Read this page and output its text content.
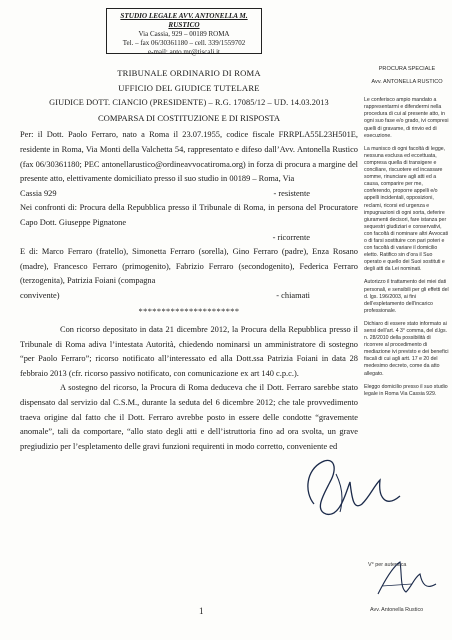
STUDIO LEGALE AVV. ANTONELLA M. RUSTICO
Via Cassia, 929 – 00189 ROMA
Tel. – fax 06/30361180 – cell. 339/1559702
e-mail: anto.mr@tiscali.it
TRIBUNALE ORDINARIO DI ROMA
UFFICIO DEL GIUDICE TUTELARE
GIUDICE DOTT. CIANCIO (PRESIDENTE) – R.G. 17085/12 – UD. 14.03.2013
COMPARSA DI COSTITUZIONE E DI RISPOSTA
Per: il Dott. Paolo Ferraro, nato a Roma il 23.07.1955, codice fiscale FRRPLA55L23H501E, residente in Roma, Via Monti della Valchetta 54, rappresentato e difeso dall’Avv. Antonella Rustico (fax 06/30361180; PEC antonellarustico@ordineavvocatiroma.org) in forza di procura a margine del presente atto, elettivamente domiciliato presso il suo studio in 00189 – Roma, Via
Cassia 929	- resistente
Nei confronti di: Procura della Repubblica presso il Tribunale di Roma, in persona del Procuratore Capo Dott. Giuseppe Pignatone
- ricorrente
E di: Marco Ferraro (fratello), Simonetta Ferraro (sorella), Gino Ferraro (padre), Enza Rosano (madre), Francesco Ferraro (primogenito), Fabrizio Ferraro (secondogenito), Federica Ferraro (terzogenita), Patrizia Foiani (compagna
convivente)	- chiamati
**********************
Con ricorso depositato in data 21 dicembre 2012, la Procura della Repubblica presso il Tribunale di Roma adiva l’intestata Autorità, chiedendo nominarsi un amministratore di sostegno “per Paolo Ferraro”; ricorso notificato all’interessato ed alla Dott.ssa Patrizia Foiani in data 28 febbraio 2013 (cfr. ricorso passivo notificato, con comunicazione ex art 140 c.p.c.).
A sostegno del ricorso, la Procura di Roma deduceva che il Dott. Ferraro sarebbe stato dispensato dal servizio dal C.S.M., durante la seduta del 6 dicembre 2012; che tale provvedimento traeva origine dal fatto che il Dott. Ferraro avrebbe posto in essere delle condotte “gravemente anomale”, tali da comportare, “allo stato degli atti e dell’istruttoria fino ad ora svolta, un grave pregiudizio per l’espletamento delle gravi funzioni requirenti in modo corretto, conveniente ed
1
PROCURA SPECIALE
Avv. ANTONELLA RUSTICO

Le conferisco ampio mandato a rappresentarmi e difendermi nella procedura di cui al presente atto, in ogni suo fase e/o grado, ivi compresi quelli di gravame, di rinvio ed di esecuzione.

La munisco di ogni facoltà di legge, nessuna esclusa ed eccettuata, compresa quella di transigere e conciliare, riscuotere ed incassare somme, rinunciare agli atti ed a causa, comparire per me, conferendo, proporre appelli e/o appelli incidentali, opposizioni, reclami, ricorsi ed urgenza e impugnazioni di ogni sorta, deferire giuramenti decisori, fare istanza per sequestri giudiziari e conservativi, con facoltà di nominare altri Avvocati o di farsi sostituire con pari poteri e con facoltà di variare il domicilio eletto. Ratifico sin d’ora il Suo operato e quello dei Suoi sostituti e degli atti da Lei nominati.

Autorizzo il trattamento dei miei dati personali, e sensibili per gli effetti del d. lgs. 196/2003, ai fini dell’espletamento dell’incarico professionale.

Dichiaro di essere stato informato ai sensi dell’art. 4 3° comma, del d.lgs. n. 28/2010 della possibilità di ricorrere al procedimento di mediazione ivi previsto e dei benefici fiscali di cui agli artt. 17 e 20 del medesimo decreto, come da atto allegato.

Eleggo domicilio presso il suo studio legale in Roma Via Cassia 929.

V° per autentica
Avv. Antonella Rustico
